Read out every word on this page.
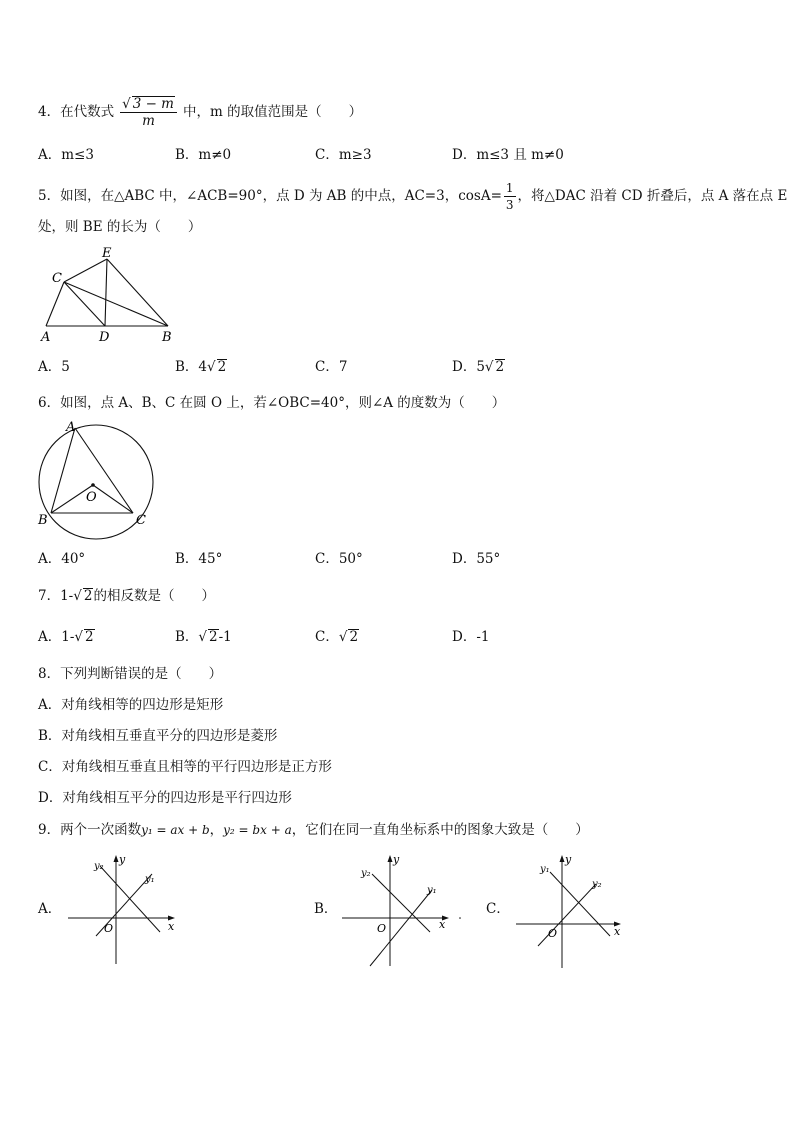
4．在代数式 $\frac{√ 3 - m}{m}$ 中，m 的取值范围是（　　）
A．m≤3	B．m≠0	C．m≥3	D．m≤3 且 m≠0
5．如图，在△ABC 中，∠ACB=90°，点 D 为 AB 的中点，AC=3，$\cos A= \frac{1}{3}$ ，将△DAC 沿着 CD 折叠后，点 A 落在点 E
处，则 BE 的长为（　　）
C
E
A	D	B
A．5	B．4√ 2	C．7	D．5√ 2
6．如图，点 A、B、C 在圆 O 上，若∠OBC=40°，则∠A 的度数为（　　）
A
O
B	C
A．40°	B．45°	C．50°	D．55°
7．1-√ 2的相反数是（　　）
A．1-√ 2	B．√ 2-1	C．√ 2	D．-1
8．下列判断错误的是（　　）
A．对角线相等的四边形是矩形
B．对角线相互垂直平分的四边形是菱形
C．对角线相互垂直且相等的平行四边形是正方形
D．对角线相互平分的四边形是平行四边形
9．两个一次函数y₁ = ax + b，y₂ = bx + a，它们在同一直角坐标系中的图象大致是（　　）
A．	B．	C．
y
x
O
y₂
y₁
y
x
O
y₂
y₁
y
x
O
y₁
y₂
